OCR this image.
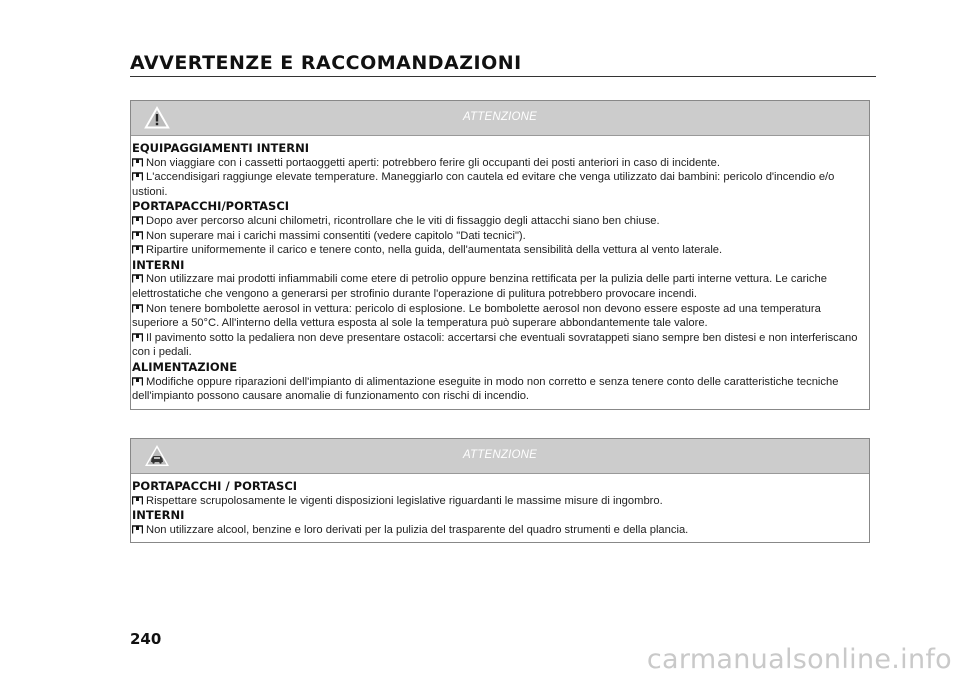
AVVERTENZE E RACCOMANDAZIONI
ATTENZIONE
EQUIPAGGIAMENTI INTERNI

Non viaggiare con i cassetti portaoggetti aperti: potrebbero ferire gli occupanti dei posti anteriori in caso di incidente.

L'accendisigari raggiunge elevate temperature. Maneggiarlo con cautela ed evitare che venga utilizzato dai bambini: pericolo d'incendio e/o ustioni.

PORTAPACCHI/PORTASCI

Dopo aver percorso alcuni chilometri, ricontrollare che le viti di fissaggio degli attacchi siano ben chiuse.

Non superare mai i carichi massimi consentiti (vedere capitolo "Dati tecnici").

Ripartire uniformemente il carico e tenere conto, nella guida, dell'aumentata sensibilità della vettura al vento laterale.

INTERNI

Non utilizzare mai prodotti infiammabili come etere di petrolio oppure benzina rettificata per la pulizia delle parti interne vettura. Le cariche elettrostatiche che vengono a generarsi per strofinio durante l'operazione di pulitura potrebbero provocare incendi.

Non tenere bombolette aerosol in vettura: pericolo di esplosione. Le bombolette aerosol non devono essere esposte ad una temperatura superiore a 50°C. All'interno della vettura esposta al sole la temperatura può superare abbondantemente tale valore.

Il pavimento sotto la pedaliera non deve presentare ostacoli: accertarsi che eventuali sovratappeti siano sempre ben distesi e non interferiscano con i pedali.

ALIMENTAZIONE

Modifiche oppure riparazioni dell'impianto di alimentazione eseguite in modo non corretto e senza tenere conto delle caratteristiche tecniche dell'impianto possono causare anomalie di funzionamento con rischi di incendio.

ATTENZIONE
PORTAPACCHI / PORTASCI

Rispettare scrupolosamente le vigenti disposizioni legislative riguardanti le massime misure di ingombro.

INTERNI

Non utilizzare alcool, benzine e loro derivati per la pulizia del trasparente del quadro strumenti e della plancia.

240
carmanualsonline.info
